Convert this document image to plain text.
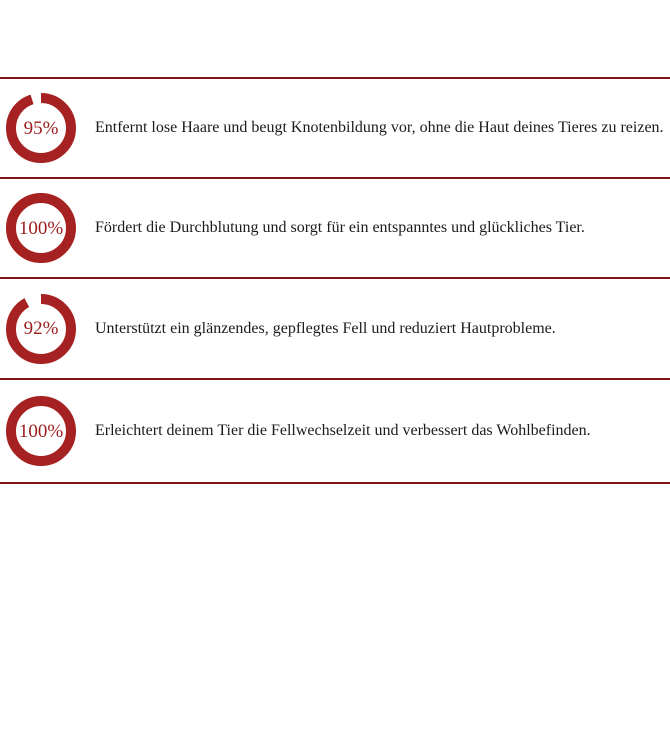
95%	Entfernt lose Haare und beugt Knotenbildung vor, ohne die Haut deines Tieres zu reizen.
100%	Fördert die Durchblutung und sorgt für ein entspanntes und glückliches Tier.
92%	Unterstützt ein glänzendes, gepflegtes Fell und reduziert Hautprobleme.
100%	Erleichtert deinem Tier die Fellwechselzeit und verbessert das Wohlbefinden.
